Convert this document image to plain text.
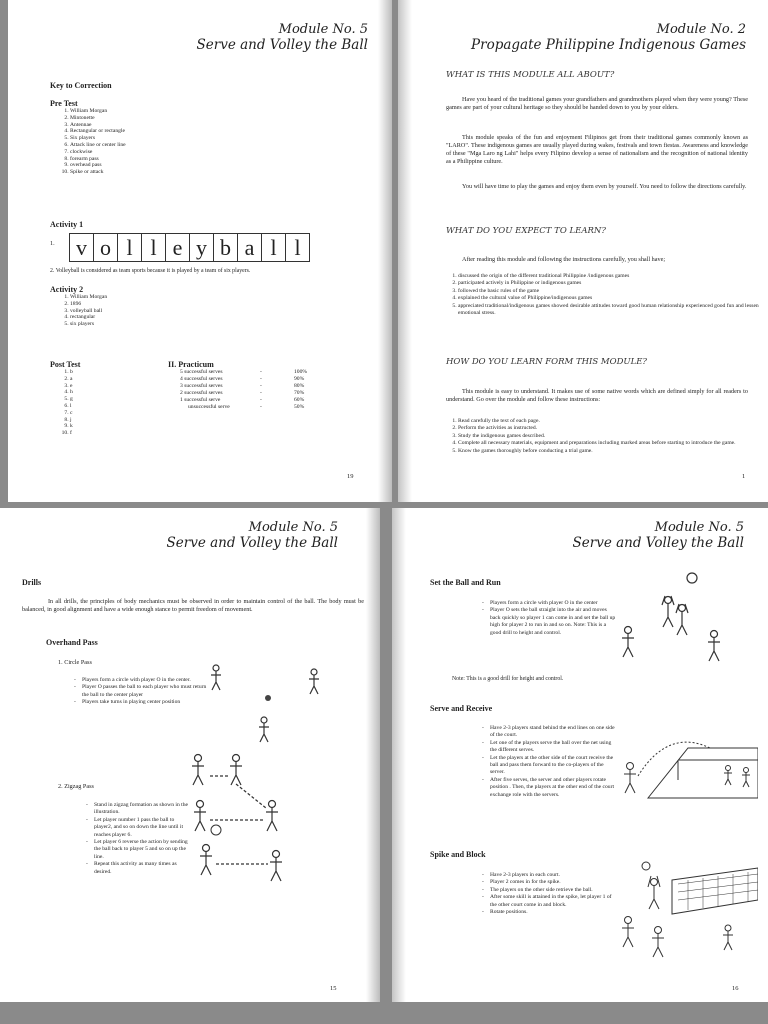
Module No. 5
Serve and Volley the Ball
Key to Correction
Pre Test
1. William Morgan
2. Mintonette
3. Antennae
4. Rectangular or rectangle
5. Six players
6. Attack line or center line
7. clockwise
8. forearm pass
9. overhead pass
10. Spike or attack
Activity 1
1. v o l l e y b a l l
2. Volleyball is considered as team sports because it is played by a team of six players.
Activity 2
1. William Morgan
2. 1896
3. volleyball ball
4. rectangular
5. six players
Post Test
1. b
2. a
3. e
4. h
5. g
6. l
7. c
8. j
9. k
10. f
II. Practicum
5 successful serves	-	100%
4 successful serves	-	90%
3 successful serves	-	80%
2 successful serves	-	70%
1 successful serve	-	60%
unsuccessful serve	-	50%
19
Module No. 2
Propagate Philippine Indigenous Games
WHAT IS THIS MODULE ALL ABOUT?
Have you heard of the traditional games your grandfathers and grandmothers played when they were young? These games are part of your cultural heritage so they should be handed down to you by your elders.
This module speaks of the fun and enjoyment Filipinos get from their traditional games commonly known as "LARO". These indigenous games are usually played during wakes, festivals and town fiestas. Awareness and knowledge of these "Mga Laro ng Lahi" helps every Filipino develop a sense of nationalism and the recognition of national identity as a Philippine culture.
You will have time to play the games and enjoy them even by yourself. You need to follow the directions carefully.
WHAT DO YOU EXPECT TO LEARN?
After reading this module and following the instructions carefully, you shall have;
1. discussed the origin of the different traditional Philippine /indigenous games
2. participated actively in Philippine or indigenous games
3. followed the basic rules of the game
4. explained the cultural value of Philippine/indigenous games
5. appreciated traditional/indigenous games showed desirable attitudes toward good human relationship experienced good fun and lessen emotional stress.
HOW DO YOU LEARN FORM THIS MODULE?
This module is easy to understand. It makes use of some native words which are defined simply for all readers to understand. Go over the module and follow these instructions:
1. Read carefully the text of each page.
2. Perform the activities as instructed.
3. Study the indigenous games described.
4. Complete all necessary materials, equipment and preparations including marked areas before starting to introduce the game.
5. Know the games thoroughly before conducting a trial game.
1
Module No. 5
Serve and Volley the Ball
Drills
In all drills, the principles of body mechanics must be observed in order to maintain control of the ball. The body must be balanced, in good alignment and have a wide enough stance to permit freedom of movement.
Overhand Pass
1. Circle Pass
- Players form a circle with player O in the center.
- Player O passes the ball to each player who must return the ball to the center player
- Players take turns in playing center position
2. Zigzag Pass
- Stand in zigzag formation as shown in the illustration.
- Let player number 1 pass the ball to player2, and so on down the line until it reaches player 6.
- Let player 6 reverse the action by sending the ball back to player 5 and so on up the line.
- Repeat this activity as many times as desired.
15
Module No. 5
Serve and Volley the Ball
Set the Ball and Run
- Players form a circle with player O in the center
- Player O sets the ball straight into the air and moves back quickly so player 1 can come in and set the ball up high for player 2 to run in and so on. Note: This is a good drill to height and control.
Note: This is a good drill for height and control.
Serve and Receive
- Have 2-3 players stand behind the end lines on one side of the court.
- Let one of the players serve the ball over the net using the different serves.
- Let the players at the other side of the court receive the ball and pass them forward to the co-players of the server.
- After five serves, the server and other players rotate position . Then, the players at the other end of the court exchange role with the servers.
Spike and Block
- Have 2-3 players in each court.
- Player 2 comes in for the spike.
- The players on the other side retrieve the ball.
- After some skill is attained in the spike, let player 1 of the other court come in and block.
- Rotate positions.
16
